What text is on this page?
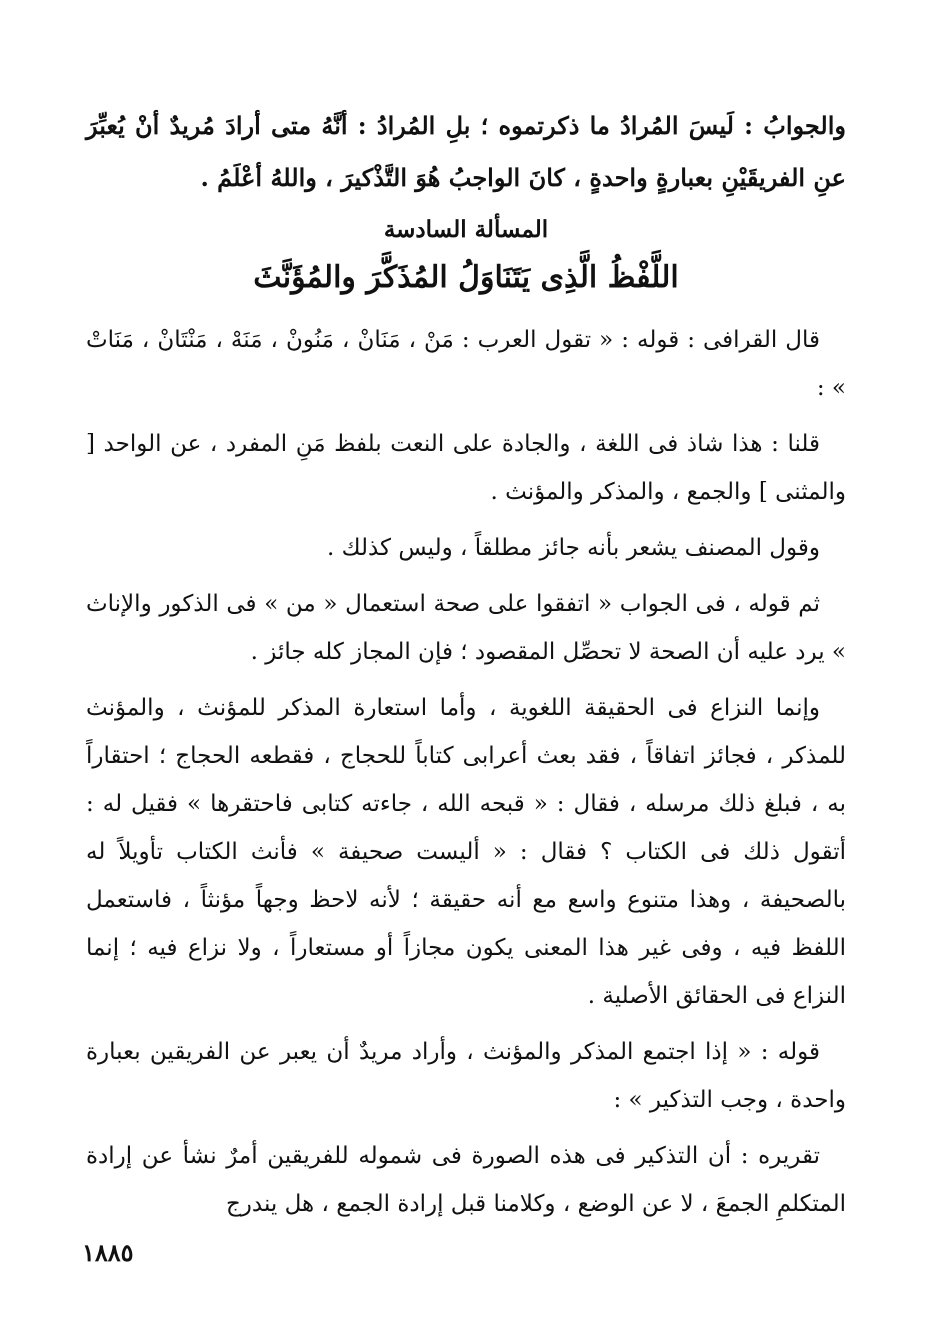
والجوابُ : لَيسَ المُرادُ ما ذكرتموه ؛ بلِ المُرادُ : أنَّهُ متى أرادَ مُريدٌ أنْ يُعبِّرَ عنِ الفريقَيْنِ بعبارةٍ واحدةٍ ، كانَ الواجبُ هُوَ التَّذْكيرَ ، واللهُ أعْلَمُ .

المسألة السادسة
اللَّفْظُ الَّذِى يَتَنَاوَلُ المُذَكَّرَ والمُؤَنَّثَ

قال القرافى : قوله : « تقول العرب : مَنْ ، مَنَانْ ، مَنُونْ ، مَنَهْ ، مَنْتَانْ ، مَنَاتْ » :

قلنا : هذا شاذ فى اللغة ، والجادة على النعت بلفظ مَنِ المفرد ، عن الواحد [ والمثنى ] والجمع ، والمذكر والمؤنث .

وقول المصنف يشعر بأنه جائز مطلقاً ، وليس كذلك .

ثم قوله ، فى الجواب « اتفقوا على صحة استعمال « من » فى الذكور والإناث » يرد عليه أن الصحة لا تحصِّل المقصود ؛ فإن المجاز كله جائز .

وإنما النزاع فى الحقيقة اللغوية ، وأما استعارة المذكر للمؤنث ، والمؤنث للمذكر ، فجائز اتفاقاً ، فقد بعث أعرابى كتاباً للحجاج ، فقطعه الحجاج ؛ احتقاراً به ، فبلغ ذلك مرسله ، فقال : « قبحه الله ، جاءته كتابى فاحتقرها » فقيل له : أتقول ذلك فى الكتاب ؟ فقال : « أليست صحيفة » فأنث الكتاب تأويلاً له بالصحيفة ، وهذا متنوع واسع مع أنه حقيقة ؛ لأنه لاحظ وجهاً مؤنثاً ، فاستعمل اللفظ فيه ، وفى غير هذا المعنى يكون مجازاً أو مستعاراً ، ولا نزاع فيه ؛ إنما النزاع فى الحقائق الأصلية .

قوله : « إذا اجتمع المذكر والمؤنث ، وأراد مريدٌ أن يعبر عن الفريقين بعبارة واحدة ، وجب التذكير » :

تقريره : أن التذكير فى هذه الصورة فى شموله للفريقين أمرٌ نشأ عن إرادة المتكلمِ الجمعَ ، لا عن الوضع ، وكلامنا قبل إرادة الجمع ، هل يندرج

١٨٨٥
